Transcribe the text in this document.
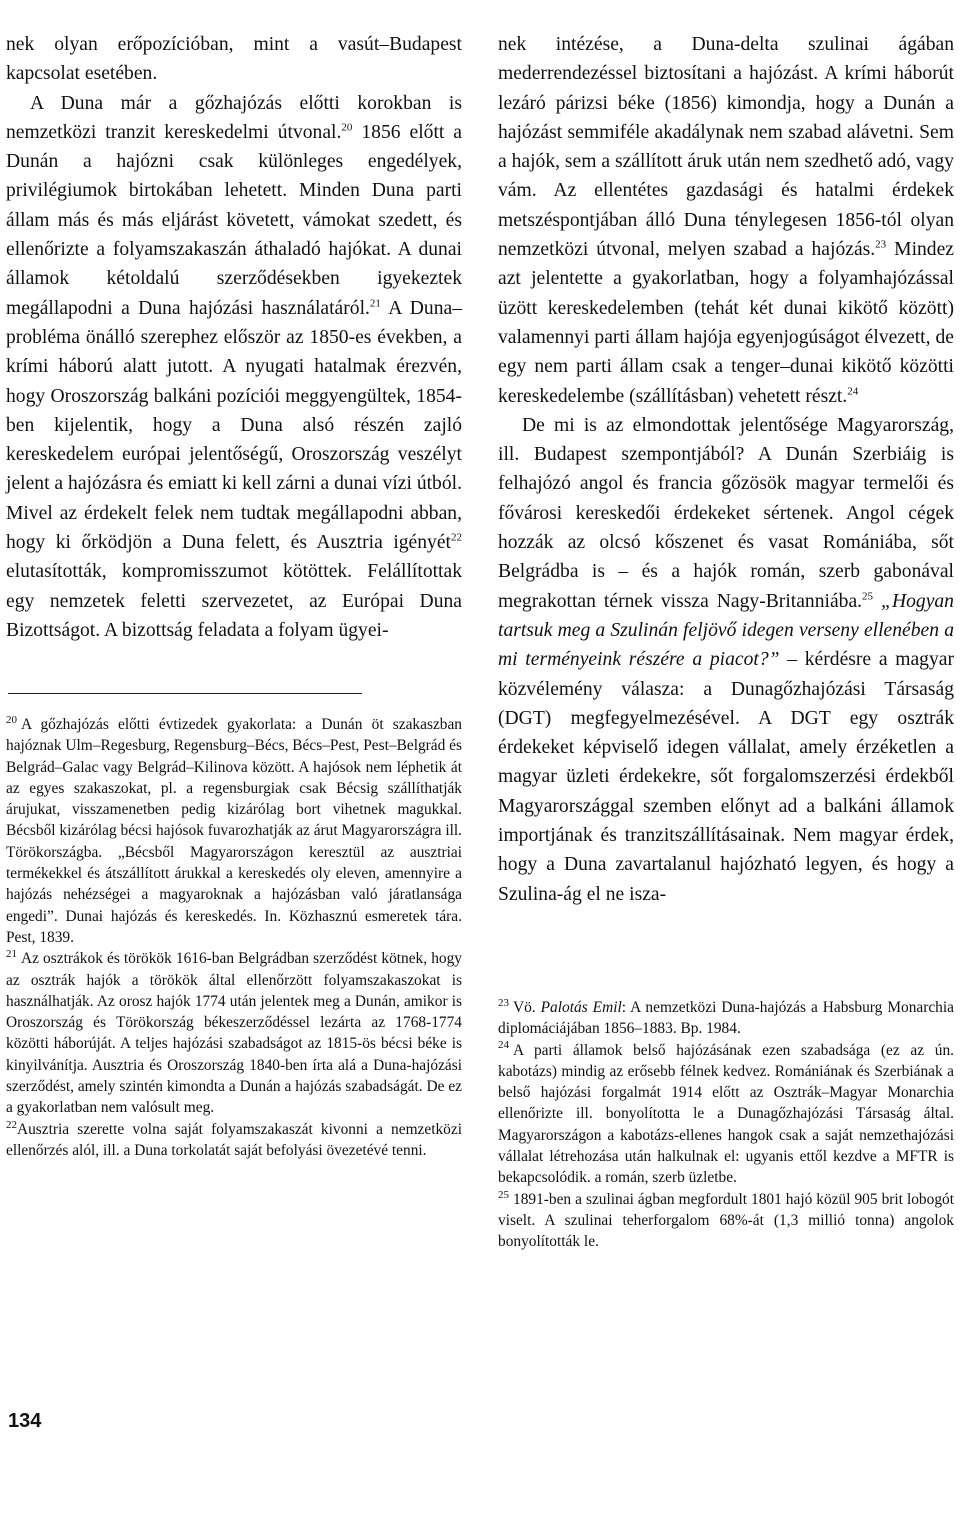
nek olyan erőpozícióban, mint a vasút–Budapest kapcsolat esetében.

A Duna már a gőzhajózás előtti korokban is nemzetközi tranzit kereskedelmi útvonal.$^{20}$ 1856 előtt a Dunán a hajózni csak különleges engedélyek, privilégiumok birtokában lehetett. Minden Duna parti állam más és más eljárást követett, vámokat szedett, és ellenőrizte a folyamszakaszán áthaladó hajókat. A dunai államok kétoldalú szerződésekben igyekeztek megállapodni a Duna hajózási használatáról.$^{21}$ A Duna–probléma önálló szerephez először az 1850-es években, a krími háború alatt jutott. A nyugati hatalmak érezvén, hogy Oroszország balkáni pozíciói meggyengültek, 1854-ben kijelentik, hogy a Duna alsó részén zajló kereskedelem európai jelentőségű, Oroszország veszélyt jelent a hajózásra és emiatt ki kell zárni a dunai vízi útból. Mivel az érdekelt felek nem tudtak megállapodni abban, hogy ki őrködjön a Duna felett, és Ausztria igényét$^{22}$ elutasították, kompromisszumot kötöttek. Felállítottak egy nemzetek feletti szervezetet, az Európai Duna Bizottságot. A bizottság feladata a folyam ügyei-

$^{20}$ A gőzhajózás előtti évtizedek gyakorlata: a Dunán öt szakaszban hajóznak Ulm–Regesburg, Regensburg–Bécs, Bécs–Pest, Pest–Belgrád és Belgrád–Galac vagy Belgrád–Kilinova között. A hajósok nem léphetik át az egyes szakaszokat, pl. a regensburgiak csak Bécsig szállíthatják árujukat, visszamenetben pedig kizárólag bort vihetnek magukkal. Bécsből kizárólag bécsi hajósok fuvarozhatják az árut Magyarországra ill. Törökországba. „Bécsből Magyarországon keresztül az ausztriai termékekkel és átszállított árukkal a kereskedés oly eleven, amennyire a hajózás nehézségei a magyaroknak a hajózásban való járatlansága engedi”. Dunai hajózás és kereskedés. In. Közhasznú esmeretek tára. Pest, 1839.

$^{21}$ Az osztrákok és törökök 1616-ban Belgrádban szerződést kötnek, hogy az osztrák hajók a törökök által ellenőrzött folyamszakaszokat is használhatják. Az orosz hajók 1774 után jelentek meg a Dunán, amikor is Oroszország és Törökország békeszerződéssel lezárta az 1768-1774 közötti háborúját. A teljes hajózási szabadságot az 1815-ös bécsi béke is kinyilvánítja. Ausztria és Oroszország 1840-ben írta alá a Duna-hajózási szerződést, amely szintén kimondta a Dunán a hajózás szabadságát. De ez a gyakorlatban nem valósult meg.

$^{22}$Ausztria szerette volna saját folyamszakaszát kivonni a nemzetközi ellenőrzés alól, ill. a Duna torkolatát saját befolyási övezetévé tenni.

nek intézése, a Duna-delta szulinai ágában mederrendezéssel biztosítani a hajózást. A krími háborút lezáró párizsi béke (1856) kimondja, hogy a Dunán a hajózást semmiféle akadálynak nem szabad alávetni. Sem a hajók, sem a szállított áruk után nem szedhető adó, vagy vám. Az ellentétes gazdasági és hatalmi érdekek metszéspontjában álló Duna ténylegesen 1856-tól olyan nemzetközi útvonal, melyen szabad a hajózás.$^{23}$ Mindez azt jelentette a gyakorlatban, hogy a folyamhajózással üzött kereskedelemben (tehát két dunai kikötő között) valamennyi parti állam hajója egyenjogúságot élvezett, de egy nem parti állam csak a tenger–dunai kikötő közötti kereskedelembe (szállításban) vehetett részt.$^{24}$

De mi is az elmondottak jelentősége Magyarország, ill. Budapest szempontjából? A Dunán Szerbiáig is felhajózó angol és francia gőzösök magyar termelői és fővárosi kereskedői érdekeket sértenek. Angol cégek hozzák az olcsó kőszenet és vasat Romániába, sőt Belgrádba is – és a hajók román, szerb gabonával megrakottan térnek vissza Nagy-Britanniába.$^{25}$ „Hogyan tartsuk meg a Szulinán feljövő idegen verseny ellenében a mi terményeink részére a piacot?” – kérdésre a magyar közvélemény válasza: a Dunagőzhajózási Társaság (DGT) megfegyelmezésével. A DGT egy osztrák érdekeket képviselő idegen vállalat, amely érzéketlen a magyar üzleti érdekekre, sőt forgalomszerzési érdekből Magyarországgal szemben előnyt ad a balkáni államok importjának és tranzitszállításainak. Nem magyar érdek, hogy a Duna zavartalanul hajózható legyen, és hogy a Szulina-ág el ne isza-

$^{23}$ Vö. Palotás Emil: A nemzetközi Duna-hajózás a Habsburg Monarchia diplomáciájában 1856–1883. Bp. 1984.

$^{24}$ A parti államok belső hajózásának ezen szabadsága (ez az ún. kabotázs) mindig az erősebb félnek kedvez. Romániának és Szerbiának a belső hajózási forgalmát 1914 előtt az Osztrák–Magyar Monarchia ellenőrizte ill. bonyolította le a Dunagőzhajózási Társaság által. Magyarországon a kabotázs-ellenes hangok csak a saját nemzethajózási vállalat létrehozása után halkulnak el: ugyanis ettől kezdve a MFTR is bekapcsolódik. a román, szerb üzletbe.

$^{25}$ 1891-ben a szulinai ágban megfordult 1801 hajó közül 905 brit lobogót viselt. A szulinai teherforgalom 68%-át (1,3 millió tonna) angolok bonyolították le.

134
